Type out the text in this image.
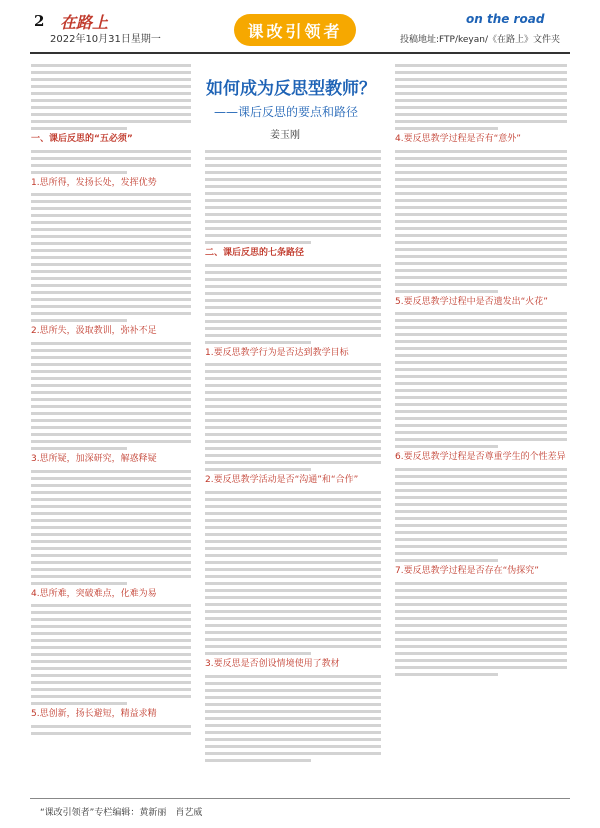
2 在路上
2022年10月31日星期一	课改引领者
on the road
投稿地址:FTP/keyan/《在路上》文件夹
如何成为反思型教师？
——课后反思的要点和路径
姜玉刚
一、课后反思的“五必须”
1.思所得，发扬长处，发挥优势
2.思所失，汲取教训，弥补不足
3.思所疑，加深研究，解惑释疑
4.思所难，突破难点，化难为易
5.思创新，扬长避短，精益求精
二、课后反思的七条路径
1.要反思教学行为是否达到教学目标
2.要反思教学活动是否“沟通”和“合作”
3.要反思是否创设情境使用了教材
4.要反思教学过程是否有“意外”
5.要反思教学过程中是否遗发出“火花”
6.要反思教学过程是否尊重学生的个性差异
7.要反思教学过程是否存在“伪探究”
“课改引领者”专栏编辑：黄新丽　肖艺威
